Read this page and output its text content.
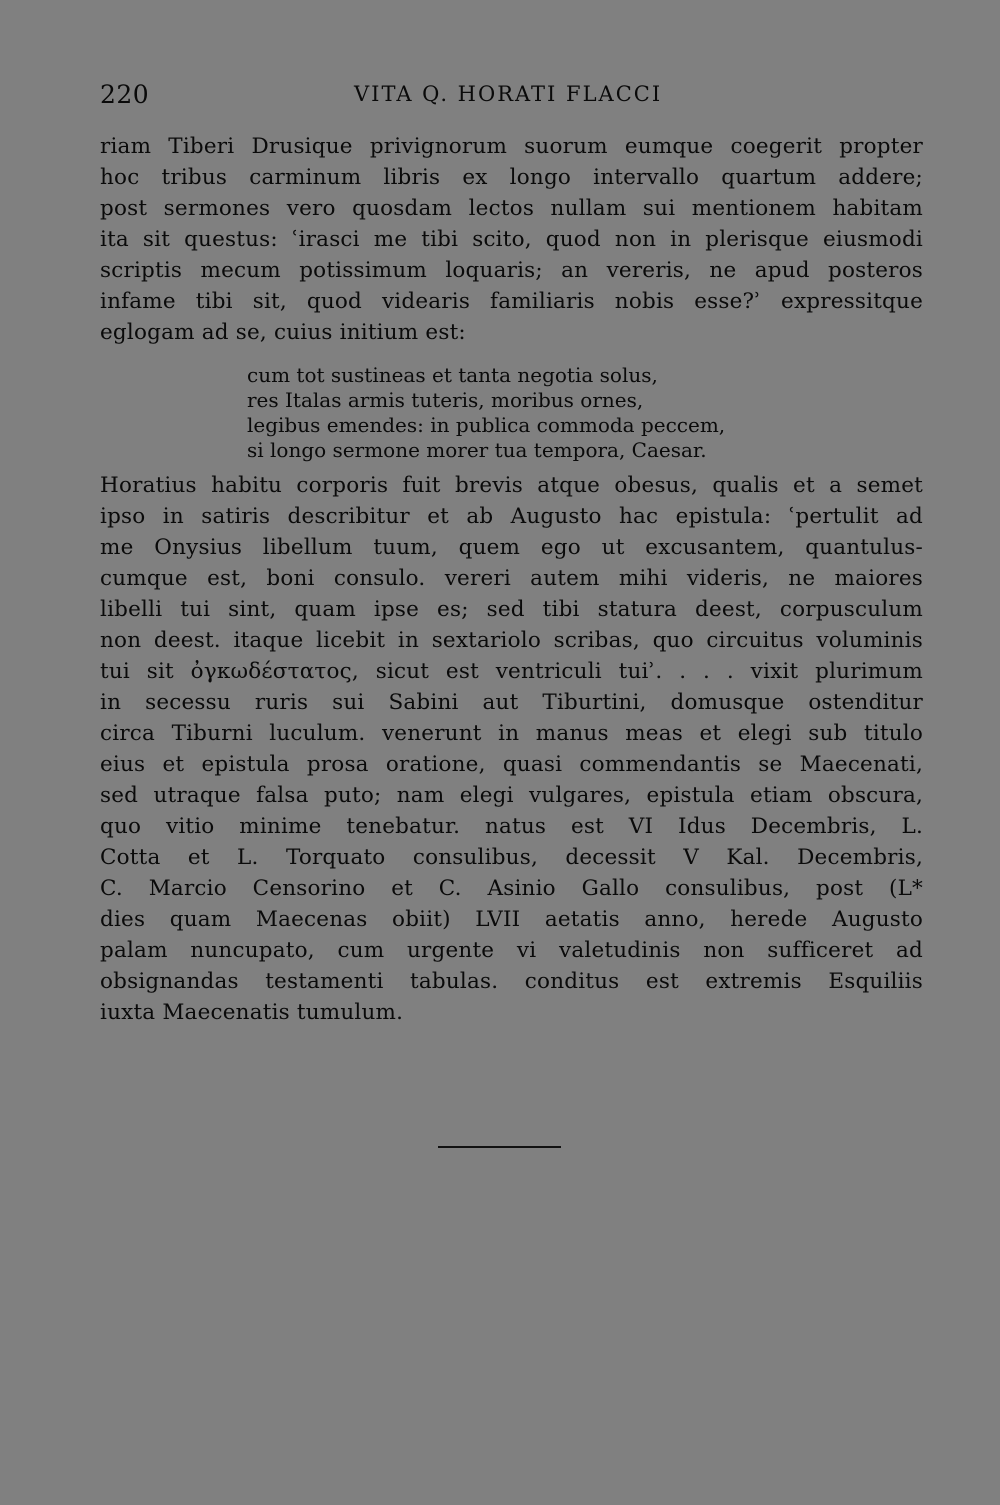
220	VITA Q. HORATI FLACCI
riam Tiberi Drusique privignorum suorum eumque coegerit propter
hoc tribus carminum libris ex longo intervallo quartum addere;
post sermones vero quosdam lectos nullam sui mentionem habitam
ita sit questus: ʿirasci me tibi scito, quod non in plerisque eiusmodi
scriptis mecum potissimum loquaris; an vereris, ne apud posteros
infame tibi sit, quod videaris familiaris nobis esse?ʾ expressitque
eglogam ad se, cuius initium est:
cum tot sustineas et tanta negotia solus,
res Italas armis tuteris, moribus ornes,
legibus emendes: in publica commoda peccem,
si longo sermone morer tua tempora, Caesar.
Horatius habitu corporis fuit brevis atque obesus, qualis et a semet
ipso in satiris describitur et ab Augusto hac epistula: ʿpertulit ad
me Onysius libellum tuum, quem ego ut excusantem, quantulus-
cumque est, boni consulo. vereri autem mihi videris, ne maiores
libelli tui sint, quam ipse es; sed tibi statura deest, corpusculum
non deest. itaque licebit in sextariolo scribas, quo circuitus voluminis
tui sit ὀγκωδέστατος, sicut est ventriculi tuiʾ. . . . vixit plurimum
in secessu ruris sui Sabini aut Tiburtini, domusque ostenditur
circa Tiburni luculum. venerunt in manus meas et elegi sub titulo
eius et epistula prosa oratione, quasi commendantis se Maecenati,
sed utraque falsa puto; nam elegi vulgares, epistula etiam obscura,
quo vitio minime tenebatur. natus est VI Idus Decembris, L.
Cotta et L. Torquato consulibus, decessit V Kal. Decembris,
C. Marcio Censorino et C. Asinio Gallo consulibus, post (L*
dies quam Maecenas obiit) LVII aetatis anno, herede Augusto
palam nuncupato, cum urgente vi valetudinis non sufficeret ad
obsignandas testamenti tabulas. conditus est extremis Esquiliis
iuxta Maecenatis tumulum.
